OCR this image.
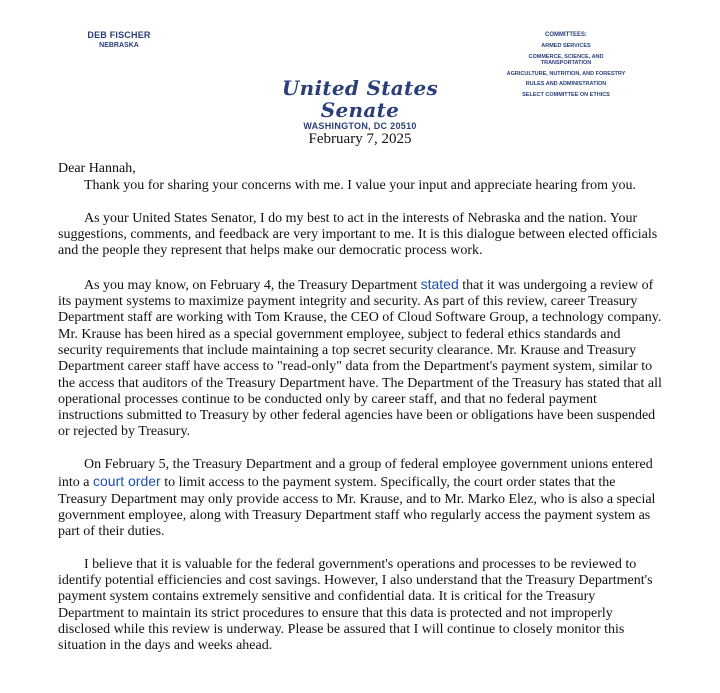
DEB FISCHER
NEBRASKA
United States Senate
WASHINGTON, DC 20510
COMMITTEES:
ARMED SERVICES
COMMERCE, SCIENCE, AND TRANSPORTATION
AGRICULTURE, NUTRITION, AND FORESTRY
RULES AND ADMINISTRATION
SELECT COMMITTEE ON ETHICS
February 7, 2025
Dear Hannah,

Thank you for sharing your concerns with me. I value your input and appreciate hearing from you.

As your United States Senator, I do my best to act in the interests of Nebraska and the nation. Your suggestions, comments, and feedback are very important to me. It is this dialogue between elected officials and the people they represent that helps make our democratic process work.

As you may know, on February 4, the Treasury Department stated that it was undergoing a review of its payment systems to maximize payment integrity and security. As part of this review, career Treasury Department staff are working with Tom Krause, the CEO of Cloud Software Group, a technology company. Mr. Krause has been hired as a special government employee, subject to federal ethics standards and security requirements that include maintaining a top secret security clearance. Mr. Krause and Treasury Department career staff have access to "read-only" data from the Department's payment system, similar to the access that auditors of the Treasury Department have. The Department of the Treasury has stated that all operational processes continue to be conducted only by career staff, and that no federal payment instructions submitted to Treasury by other federal agencies have been or obligations have been suspended or rejected by Treasury.

On February 5, the Treasury Department and a group of federal employee government unions entered into a court order to limit access to the payment system. Specifically, the court order states that the Treasury Department may only provide access to Mr. Krause, and to Mr. Marko Elez, who is also a special government employee, along with Treasury Department staff who regularly access the payment system as part of their duties.

I believe that it is valuable for the federal government's operations and processes to be reviewed to identify potential efficiencies and cost savings. However, I also understand that the Treasury Department's payment system contains extremely sensitive and confidential data. It is critical for the Treasury Department to maintain its strict procedures to ensure that this data is protected and not improperly disclosed while this review is underway. Please be assured that I will continue to closely monitor this situation in the days and weeks ahead.
